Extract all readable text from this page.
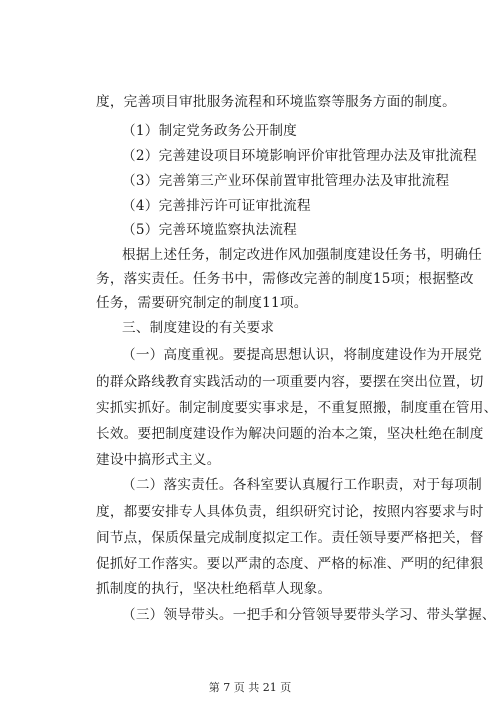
度，完善项目审批服务流程和环境监察等服务方面的制度。
（1）制定党务政务公开制度
（2）完善建设项目环境影响评价审批管理办法及审批流程
（3）完善第三产业环保前置审批管理办法及审批流程
（4）完善排污许可证审批流程
（5）完善环境监察执法流程
根据上述任务，制定改进作风加强制度建设任务书，明确任
务，落实责任。任务书中，需修改完善的制度15项；根据整改
任务，需要研究制定的制度11项。
三、制度建设的有关要求
（一）高度重视。要提高思想认识，将制度建设作为开展党
的群众路线教育实践活动的一项重要内容，要摆在突出位置，切
实抓实抓好。制定制度要实事求是，不重复照搬，制度重在管用、
长效。要把制度建设作为解决问题的治本之策，坚决杜绝在制度
建设中搞形式主义。
（二）落实责任。各科室要认真履行工作职责，对于每项制
度，都要安排专人具体负责，组织研究讨论，按照内容要求与时
间节点，保质保量完成制度拟定工作。责任领导要严格把关，督
促抓好工作落实。要以严肃的态度、严格的标准、严明的纪律狠
抓制度的执行，坚决杜绝稻草人现象。
（三）领导带头。一把手和分管领导要带头学习、带头掌握、
第 7 页 共 21 页
